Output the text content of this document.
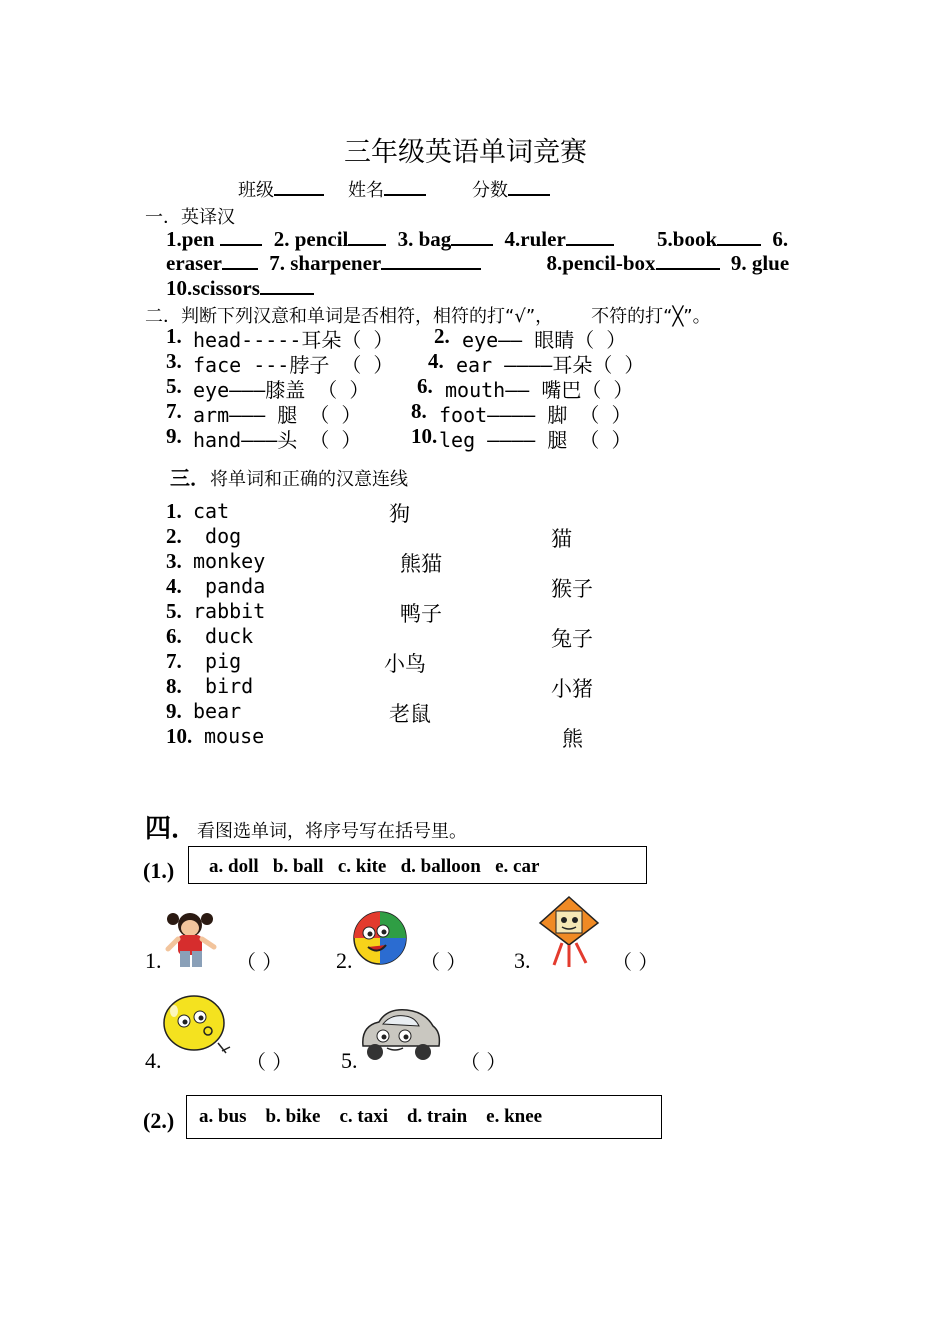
三年级英语单词竞赛
班级	姓名	分数
一．英译汉
1.pen	2. pencil 3. bag	4.ruler	5.book	6.
eraser 7. sharpener	8.pencil-box	9. glue
10.scissors
二．判断下列汉意和单词是否相符，相符的打“√”， 不符的打“╳”。
1. head-----耳朵（ ） 2. eye—— 眼睛（ ）
3. face ---脖子 （ ） 4. ear ————耳朵（ ）
5. eye———膝盖 （ ） 6. mouth—— 嘴巴（ ）
7. arm——— 腿 （ ） 8. foot———— 脚 （ ）
9. hand———头 （ ） 10. leg ———— 腿 （ ）
三．将单词和正确的汉意连线
1. cat
2. dog
3. monkey
4. panda
5. rabbit
6. duck
7. pig
8. bird
9. bear
10. mouse
狗
熊猫
鸭子
小鸟
老鼠
猫
猴子
兔子
小猪
熊
四．看图选单词，将序号写在括号里。
(1.) a. doll   b. ball   c. kite   d. balloon   e. car
1.	（ ） 2.	（ ） 3.	（ ）
4.	（ ） 5.	（ ）
(2.) a. bus    b. bike    c. taxi    d. train    e. knee
